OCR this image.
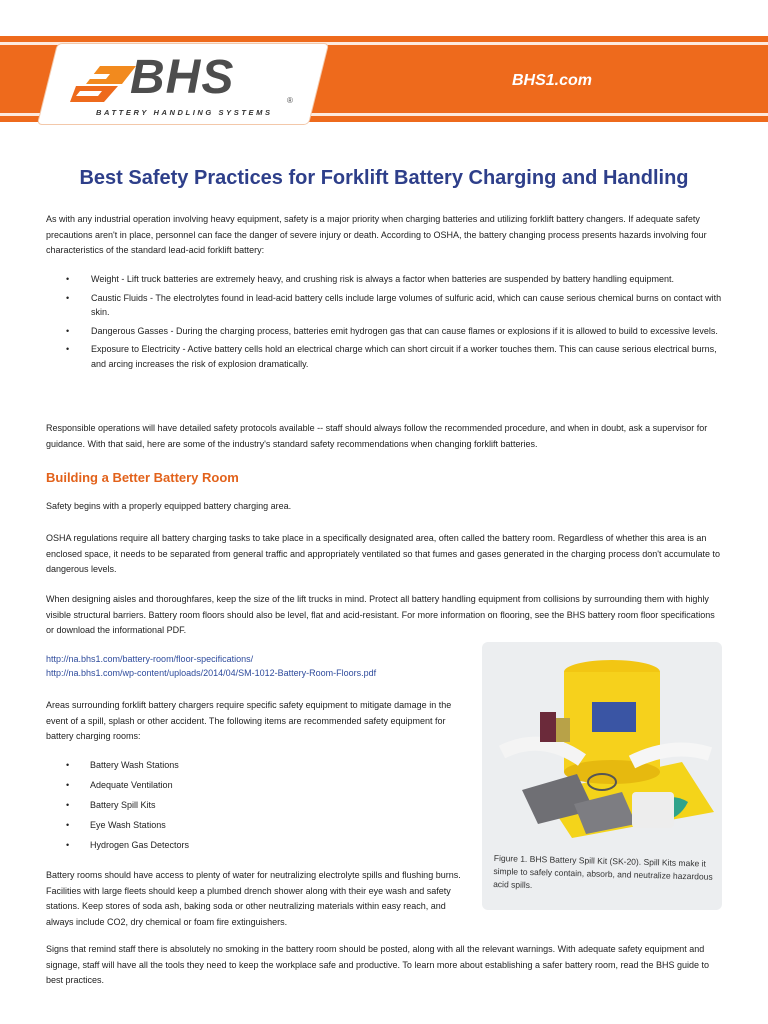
BHS	®
BATTERY HANDLING SYSTEMS
BHS1.com
Best Safety Practices for Forklift Battery Charging and Handling
As with any industrial operation involving heavy equipment, safety is a major priority when charging batteries and utilizing forklift battery changers. If adequate safety precautions aren't in place, personnel can face the danger of severe injury or death. According to OSHA, the battery changing process presents hazards involving four characteristics of the standard lead-acid forklift battery:
• Weight - Lift truck batteries are extremely heavy, and crushing risk is always a factor when batteries are suspended by battery handling equipment.
• Caustic Fluids - The electrolytes found in lead-acid battery cells include large volumes of sulfuric acid, which can cause serious chemical burns on contact with skin.
• Dangerous Gasses - During the charging process, batteries emit hydrogen gas that can cause flames or explosions if it is allowed to build to excessive levels.
• Exposure to Electricity - Active battery cells hold an electrical charge which can short circuit if a worker touches them. This can cause serious electrical burns, and arcing increases the risk of explosion dramatically.
Responsible operations will have detailed safety protocols available -- staff should always follow the recommended procedure, and when in doubt, ask a supervisor for guidance. With that said, here are some of the industry's standard safety recommendations when changing forklift batteries.
Building a Better Battery Room
Safety begins with a properly equipped battery charging area.
OSHA regulations require all battery charging tasks to take place in a specifically designated area, often called the battery room. Regardless of whether this area is an enclosed space, it needs to be separated from general traffic and appropriately ventilated so that fumes and gases generated in the charging process don't accumulate to dangerous levels.
When designing aisles and thoroughfares, keep the size of the lift trucks in mind. Protect all battery handling equipment from collisions by surrounding them with highly visible structural barriers. Battery room floors should also be level, flat and acid-resistant. For more information on flooring, see the BHS battery room floor specifications or download the informational PDF.
http://na.bhs1.com/battery-room/floor-specifications/
http://na.bhs1.com/wp-content/uploads/2014/04/SM-1012-Battery-Room-Floors.pdf
Areas surrounding forklift battery chargers require specific safety equipment to mitigate damage in the event of a spill, splash or other accident. The following items are recommended safety equipment for battery charging rooms:
• Battery Wash Stations
• Adequate Ventilation
• Battery Spill Kits
• Eye Wash Stations
• Hydrogen Gas Detectors
Battery rooms should have access to plenty of water for neutralizing electrolyte spills and flushing burns. Facilities with large fleets should keep a plumbed drench shower along with their eye wash and safety stations. Keep stores of soda ash, baking soda or other neutralizing materials within easy reach, and always include CO2, dry chemical or foam fire extinguishers.
Signs that remind staff there is absolutely no smoking in the battery room should be posted, along with all the relevant warnings. With adequate safety equipment and signage, staff will have all the tools they need to keep the workplace safe and productive. To learn more about establishing a safer battery room, read the BHS guide to best practices.
Figure 1. BHS Battery Spill Kit (SK-20). Spill Kits make it simple to safely contain, absorb, and neutralize hazardous acid spills.
